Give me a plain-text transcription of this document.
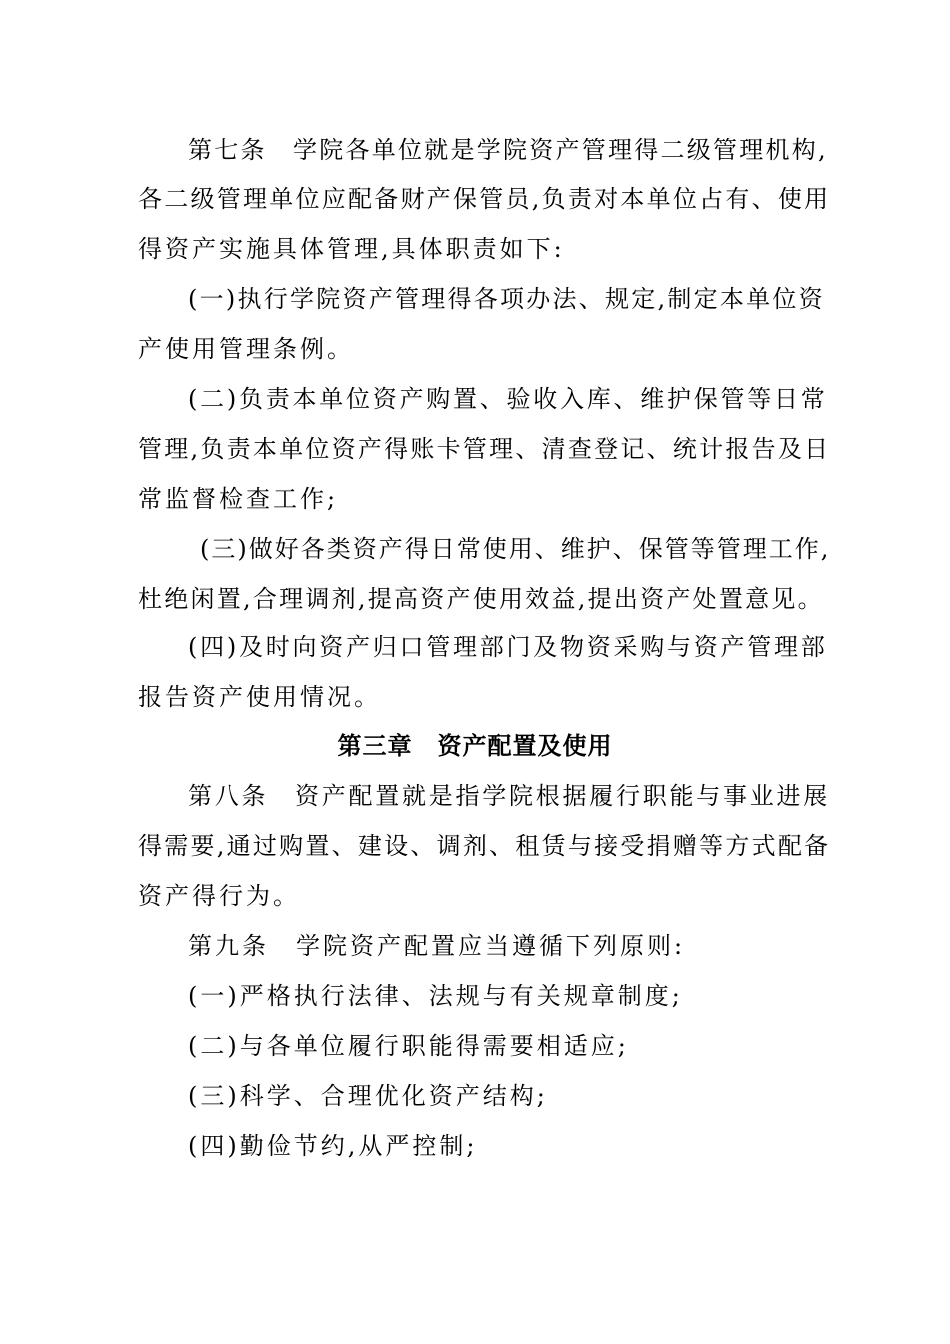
第七条　学院各单位就是学院资产管理得二级管理机构,
各二级管理单位应配备财产保管员,负责对本单位占有、使用
得资产实施具体管理,具体职责如下:
(一)执行学院资产管理得各项办法、规定,制定本单位资
产使用管理条例。
(二)负责本单位资产购置、验收入库、维护保管等日常
管理,负责本单位资产得账卡管理、清查登记、统计报告及日
常监督检查工作;
(三)做好各类资产得日常使用、维护、保管等管理工作,
杜绝闲置,合理调剂,提高资产使用效益,提出资产处置意见。
(四)及时向资产归口管理部门及物资采购与资产管理部
报告资产使用情况。
第三章　资产配置及使用
第八条　资产配置就是指学院根据履行职能与事业进展
得需要,通过购置、建设、调剂、租赁与接受捐赠等方式配备
资产得行为。
第九条　学院资产配置应当遵循下列原则:
(一)严格执行法律、法规与有关规章制度;
(二)与各单位履行职能得需要相适应;
(三)科学、合理优化资产结构;
(四)勤俭节约,从严控制;
